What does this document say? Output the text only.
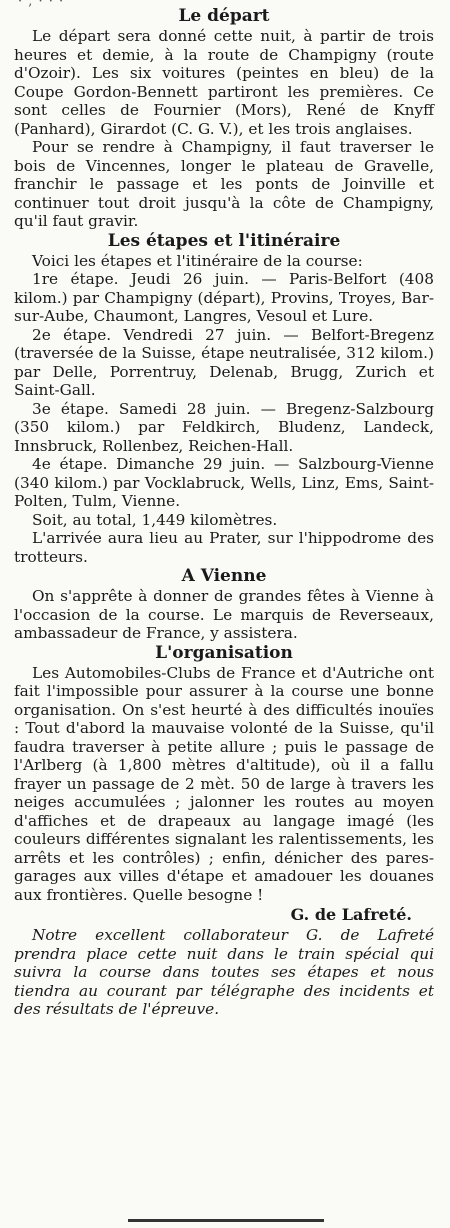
· , · · ·
Le départ

Le départ sera donné cette nuit, à partir de trois heures et demie, à la route de Champigny (route d'Ozoir). Les six voitures (peintes en bleu) de la Coupe Gordon-Bennett partiront les premières. Ce sont celles de Fournier (Mors), René de Knyff (Panhard), Girardot (C. G. V.), et les trois anglaises.

Pour se rendre à Champigny, il faut traverser le bois de Vincennes, longer le plateau de Gravelle, franchir le passage et les ponts de Joinville et continuer tout droit jusqu'à la côte de Champigny, qu'il faut gravir.

Les étapes et l'itinéraire

Voici les étapes et l'itinéraire de la course:

1re étape. Jeudi 26 juin. — Paris-Belfort (408 kilom.) par Champigny (départ), Provins, Troyes, Bar-sur-Aube, Chaumont, Langres, Vesoul et Lure.

2e étape. Vendredi 27 juin. — Belfort-Bregenz (traversée de la Suisse, étape neutralisée, 312 kilom.) par Delle, Porrentruy, Delenab, Brugg, Zurich et Saint-Gall.

3e étape. Samedi 28 juin. — Bregenz-Salzbourg (350 kilom.) par Feldkirch, Bludenz, Landeck, Innsbruck, Rollenbez, Reichen-Hall.

4e étape. Dimanche 29 juin. — Salzbourg-Vienne (340 kilom.) par Vocklabruck, Wells, Linz, Ems, Saint-Polten, Tulm, Vienne.

Soit, au total, 1,449 kilomètres.

L'arrivée aura lieu au Prater, sur l'hippodrome des trotteurs.

A Vienne

On s'apprête à donner de grandes fêtes à Vienne à l'occasion de la course. Le marquis de Reverseaux, ambassadeur de France, y assistera.

L'organisation

Les Automobiles-Clubs de France et d'Autriche ont fait l'impossible pour assurer à la course une bonne organisation. On s'est heurté à des difficultés inouïes : Tout d'abord la mauvaise volonté de la Suisse, qu'il faudra traverser à petite allure ; puis le passage de l'Arlberg (à 1,800 mètres d'altitude), où il a fallu frayer un passage de 2 mèt. 50 de large à travers les neiges accumulées ; jalonner les routes au moyen d'affiches et de drapeaux au langage imagé (les couleurs différentes signalant les ralentissements, les arrêts et les contrôles) ; enfin, dénicher des pares-garages aux villes d'étape et amadouer les douanes aux frontières. Quelle besogne !

G. de Lafreté.

Notre excellent collaborateur G. de Lafreté prendra place cette nuit dans le train spécial qui suivra la course dans toutes ses étapes et nous tiendra au courant par télégraphe des incidents et des résultats de l'épreuve.
